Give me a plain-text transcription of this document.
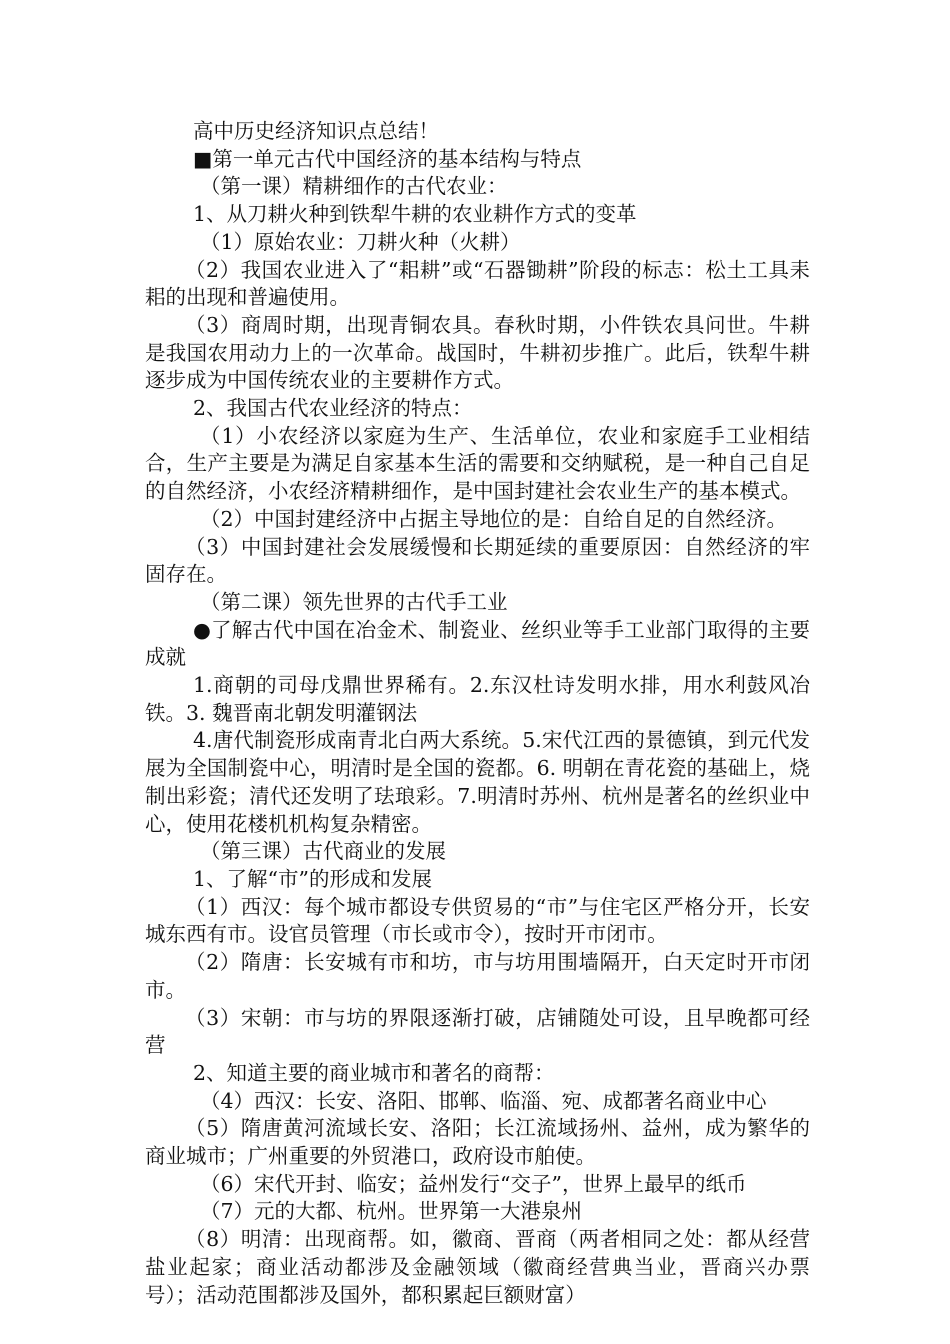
高中历史经济知识点总结！

■第一单元古代中国经济的基本结构与特点

（第一课）精耕细作的古代农业：

1、从刀耕火种到铁犁牛耕的农业耕作方式的变革

（1）原始农业：刀耕火种（火耕）

（2）我国农业进入了“耜耕”或“石器锄耕”阶段的标志：松土工具耒耜的出现和普遍使用。

（3）商周时期，出现青铜农具。春秋时期，小件铁农具问世。牛耕是我国农用动力上的一次革命。战国时，牛耕初步推广。此后，铁犁牛耕逐步成为中国传统农业的主要耕作方式。

2、我国古代农业经济的特点：

（1）小农经济以家庭为生产、生活单位，农业和家庭手工业相结合，生产主要是为满足自家基本生活的需要和交纳赋税，是一种自己自足的自然经济，小农经济精耕细作，是中国封建社会农业生产的基本模式。

（2）中国封建经济中占据主导地位的是：自给自足的自然经济。

（3）中国封建社会发展缓慢和长期延续的重要原因：自然经济的牢固存在。

（第二课）领先世界的古代手工业

●了解古代中国在冶金术、制瓷业、丝织业等手工业部门取得的主要成就

1.商朝的司母戊鼎世界稀有。2.东汉杜诗发明水排，用水利鼓风冶铁。3. 魏晋南北朝发明灌钢法

4.唐代制瓷形成南青北白两大系统。5.宋代江西的景德镇，到元代发展为全国制瓷中心，明清时是全国的瓷都。6. 明朝在青花瓷的基础上，烧制出彩瓷；清代还发明了珐琅彩。7.明清时苏州、杭州是著名的丝织业中心，使用花楼机机构复杂精密。

（第三课）古代商业的发展

1、了解“市”的形成和发展

（1）西汉：每个城市都设专供贸易的“市”与住宅区严格分开，长安城东西有市。设官员管理（市长或市令），按时开市闭市。

（2）隋唐：长安城有市和坊，市与坊用围墙隔开，白天定时开市闭市。

（3）宋朝：市与坊的界限逐渐打破，店铺随处可设，且早晚都可经营

2、知道主要的商业城市和著名的商帮：

（4）西汉：长安、洛阳、邯郸、临淄、宛、成都著名商业中心

（5）隋唐黄河流域长安、洛阳；长江流域扬州、益州，成为繁华的商业城市；广州重要的外贸港口，政府设市舶使。

（6）宋代开封、临安；益州发行“交子”，世界上最早的纸币

（7）元的大都、杭州。世界第一大港泉州

（8）明清：出现商帮。如，徽商、晋商（两者相同之处：都从经营盐业起家；商业活动都涉及金融领域（徽商经营典当业，晋商兴办票号）；活动范围都涉及国外，都积累起巨额财富）
